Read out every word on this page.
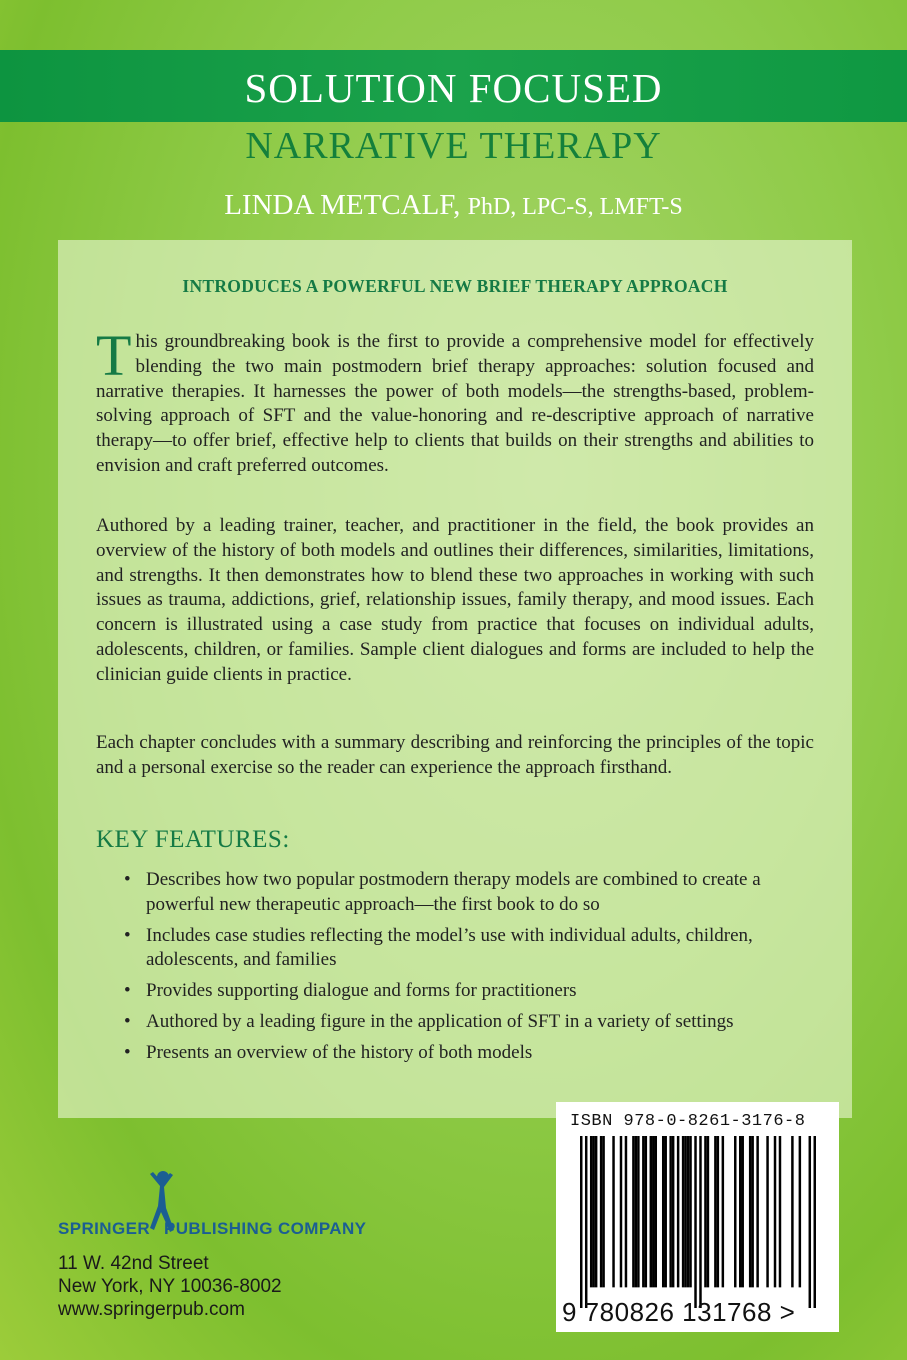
SOLUTION FOCUSED
NARRATIVE THERAPY
LINDA METCALF, PhD, LPC-S, LMFT-S
INTRODUCES A POWERFUL NEW BRIEF THERAPY APPROACH
T his groundbreaking book is the first to provide a comprehensive model for effectively blending the two main postmodern brief therapy approaches: solution focused and narrative therapies. It harnesses the power of both models—the strengths-based, problem-solving approach of SFT and the value-honoring and re-descriptive approach of narrative therapy—to offer brief, effective help to clients that builds on their strengths and abilities to envision and craft preferred outcomes.
Authored by a leading trainer, teacher, and practitioner in the field, the book provides an overview of the history of both models and outlines their differences, similarities, limitations, and strengths. It then demonstrates how to blend these two approaches in working with such issues as trauma, addictions, grief, relationship issues, family therapy, and mood issues. Each concern is illustrated using a case study from practice that focuses on individual adults, adolescents, children, or families. Sample client dialogues and forms are included to help the clinician guide clients in practice.
Each chapter concludes with a summary describing and reinforcing the principles of the topic and a personal exercise so the reader can experience the approach firsthand.
KEY FEATURES:
• Describes how two popular postmodern therapy models are combined to create a powerful new therapeutic approach—the first book to do so
• Includes case studies reflecting the model’s use with individual adults, children, adolescents, and families
• Provides supporting dialogue and forms for practitioners
• Authored by a leading figure in the application of SFT in a variety of settings
• Presents an overview of the history of both models
SPRINGER PUBLISHING COMPANY
11 W. 42nd Street
New York, NY 10036-8002
www.springerpub.com
ISBN 978-0-8261-3176-8
9 780826 131768 >
